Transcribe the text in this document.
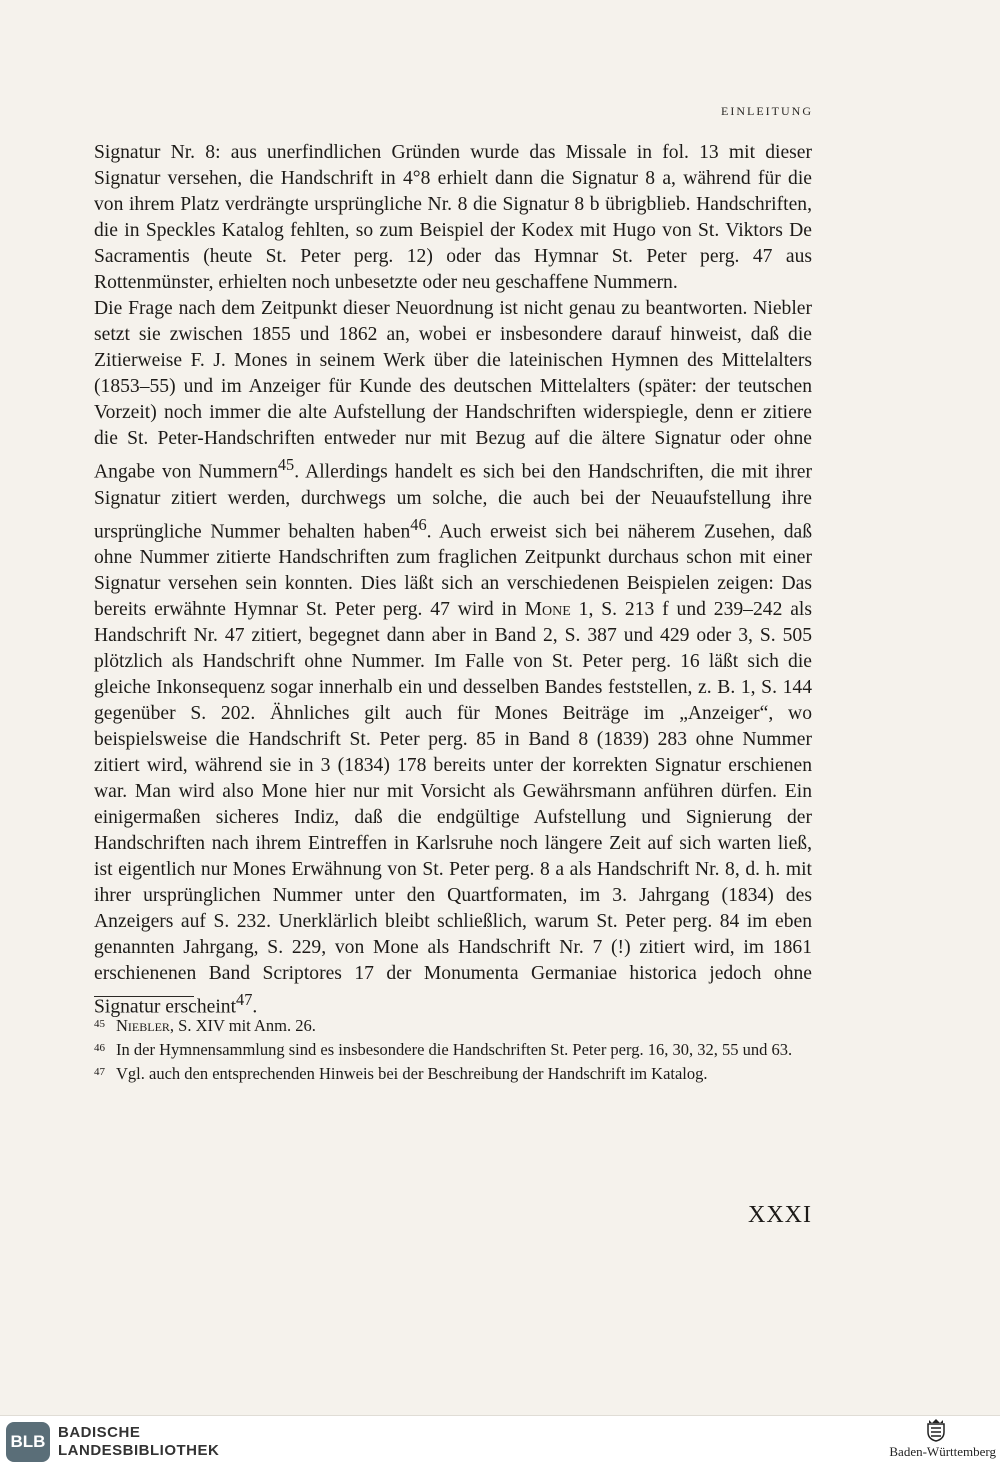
EINLEITUNG

Signatur Nr. 8: aus unerfindlichen Gründen wurde das Missale in fol. 13 mit dieser Signatur versehen, die Handschrift in 4°8 erhielt dann die Signatur 8 a, während für die von ihrem Platz verdrängte ursprüngliche Nr. 8 die Signatur 8 b übrigblieb. Handschriften, die in Speckles Katalog fehlten, so zum Beispiel der Kodex mit Hugo von St. Viktors De Sacramentis (heute St. Peter perg. 12) oder das Hymnar St. Peter perg. 47 aus Rottenmünster, erhielten noch unbesetzte oder neu geschaffene Nummern.

Die Frage nach dem Zeitpunkt dieser Neuordnung ist nicht genau zu beantworten. Niebler setzt sie zwischen 1855 und 1862 an, wobei er insbesondere darauf hinweist, daß die Zitierweise F. J. Mones in seinem Werk über die lateinischen Hymnen des Mittelalters (1853–55) und im Anzeiger für Kunde des deutschen Mittelalters (später: der teutschen Vorzeit) noch immer die alte Aufstellung der Handschriften widerspiegle, denn er zitiere die St. Peter-Handschriften entweder nur mit Bezug auf die ältere Signatur oder ohne Angabe von Nummern$^{45}$. Allerdings handelt es sich bei den Handschriften, die mit ihrer Signatur zitiert werden, durchwegs um solche, die auch bei der Neuaufstellung ihre ursprüngliche Nummer behalten haben$^{46}$. Auch erweist sich bei näherem Zusehen, daß ohne Nummer zitierte Handschriften zum fraglichen Zeitpunkt durchaus schon mit einer Signatur versehen sein konnten. Dies läßt sich an verschiedenen Beispielen zeigen: Das bereits erwähnte Hymnar St. Peter perg. 47 wird in Mone 1, S. 213 f und 239–242 als Handschrift Nr. 47 zitiert, begegnet dann aber in Band 2, S. 387 und 429 oder 3, S. 505 plötzlich als Handschrift ohne Nummer. Im Falle von St. Peter perg. 16 läßt sich die gleiche Inkonsequenz sogar innerhalb ein und desselben Bandes feststellen, z. B. 1, S. 144 gegenüber S. 202. Ähnliches gilt auch für Mones Beiträge im „Anzeiger“, wo beispielsweise die Handschrift St. Peter perg. 85 in Band 8 (1839) 283 ohne Nummer zitiert wird, während sie in 3 (1834) 178 bereits unter der korrekten Signatur erschienen war. Man wird also Mone hier nur mit Vorsicht als Gewährsmann anführen dürfen. Ein einigermaßen sicheres Indiz, daß die endgültige Aufstellung und Signierung der Handschriften nach ihrem Eintreffen in Karlsruhe noch längere Zeit auf sich warten ließ, ist eigentlich nur Mones Erwähnung von St. Peter perg. 8 a als Handschrift Nr. 8, d. h. mit ihrer ursprünglichen Nummer unter den Quartformaten, im 3. Jahrgang (1834) des Anzeigers auf S. 232. Unerklärlich bleibt schließlich, warum St. Peter perg. 84 im eben genannten Jahrgang, S. 229, von Mone als Handschrift Nr. 7 (!) zitiert wird, im 1861 erschienenen Band Scriptores 17 der Monumenta Germaniae historica jedoch ohne Signatur erscheint$^{47}$.

45 Niebler, S. XIV mit Anm. 26.

46 In der Hymnensammlung sind es insbesondere die Handschriften St. Peter perg. 16, 30, 32, 55 und 63.

47 Vgl. auch den entsprechenden Hinweis bei der Beschreibung der Handschrift im Katalog.

XXXI
BLB BADISCHE
LANDESBIBLIOTHEK	Baden-Württemberg
